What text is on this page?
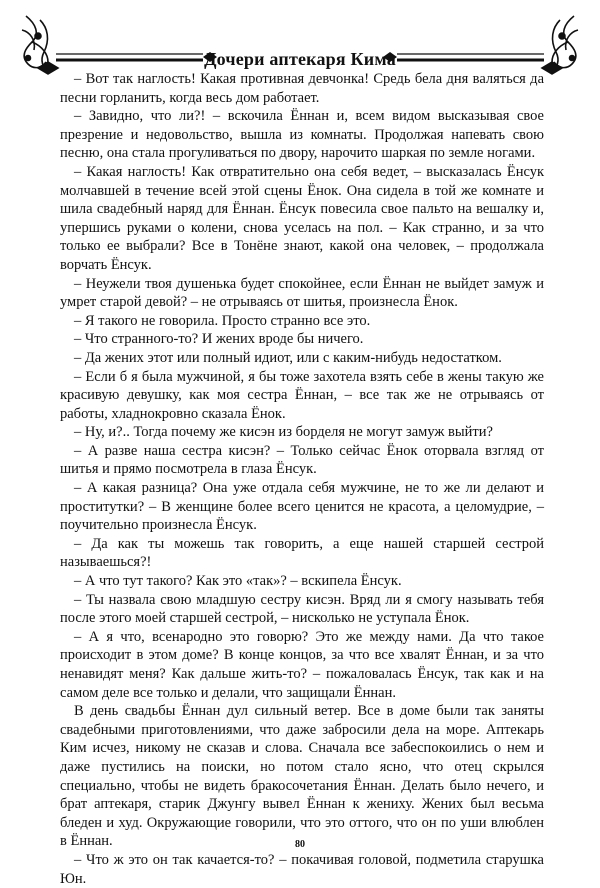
Дочери аптекаря Кима

– Вот так наглость! Какая противная девчонка! Средь бела дня валяться да песни горланить, когда весь дом работает.

– Завидно, что ли?! – вскочила Ённан и, всем видом высказывая свое презрение и недовольство, вышла из комнаты. Продолжая напевать свою песню, она стала прогуливаться по двору, нарочито шаркая по земле ногами.

– Какая наглость! Как отвратительно она себя ведет, – высказалась Ёнсук молчавшей в течение всей этой сцены Ёнок. Она сидела в той же комнате и шила свадебный наряд для Ённан. Ёнсук повесила свое пальто на вешалку и, упершись руками о колени, снова уселась на пол. – Как странно, и за что только ее выбрали? Все в Тонёне знают, какой она человек, – продолжала ворчать Ёнсук.

– Неужели твоя душенька будет спокойнее, если Ённан не выйдет замуж и умрет старой девой? – не отрываясь от шитья, произнесла Ёнок.

– Я такого не говорила. Просто странно все это.

– Что странного-то? И жених вроде бы ничего.

– Да жених этот или полный идиот, или с каким-нибудь недостатком.

– Если б я была мужчиной, я бы тоже захотела взять себе в жены такую же красивую девушку, как моя сестра Ённан, – все так же не отрываясь от работы, хладнокровно сказала Ёнок.

– Ну, и?.. Тогда почему же кисэн из борделя не могут замуж выйти?

– А разве наша сестра кисэн? – Только сейчас Ёнок оторвала взгляд от шитья и прямо посмотрела в глаза Ёнсук.

– А какая разница? Она уже отдала себя мужчине, не то же ли делают и проститутки? – В женщине более всего ценится не красота, а целомудрие, – поучительно произнесла Ёнсук.

– Да как ты можешь так говорить, а еще нашей старшей сестрой называешься?!

– А что тут такого? Как это «так»? – вскипела Ёнсук.

– Ты назвала свою младшую сестру кисэн. Вряд ли я смогу называть тебя после этого моей старшей сестрой, – нисколько не уступала Ёнок.

– А я что, всенародно это говорю? Это же между нами. Да что такое происходит в этом доме? В конце концов, за что все хвалят Ённан, и за что ненавидят меня? Как дальше жить-то? – пожаловалась Ёнсук, так как и на самом деле все только и делали, что защищали Ённан.

В день свадьбы Ённан дул сильный ветер. Все в доме были так заняты свадебными приготовлениями, что даже забросили дела на море. Аптекарь Ким исчез, никому не сказав и слова. Сначала все забеспокоились о нем и даже пустились на поиски, но потом стало ясно, что отец скрылся специально, чтобы не видеть бракосочетания Ённан. Делать было нечего, и брат аптекаря, старик Джунгу вывел Ённан к жениху. Жених был весьма бледен и худ. Окружающие говорили, что это оттого, что он по уши влюблен в Ённан.

– Что ж это он так качается-то? – покачивая головой, подметила старушка Юн.

80
